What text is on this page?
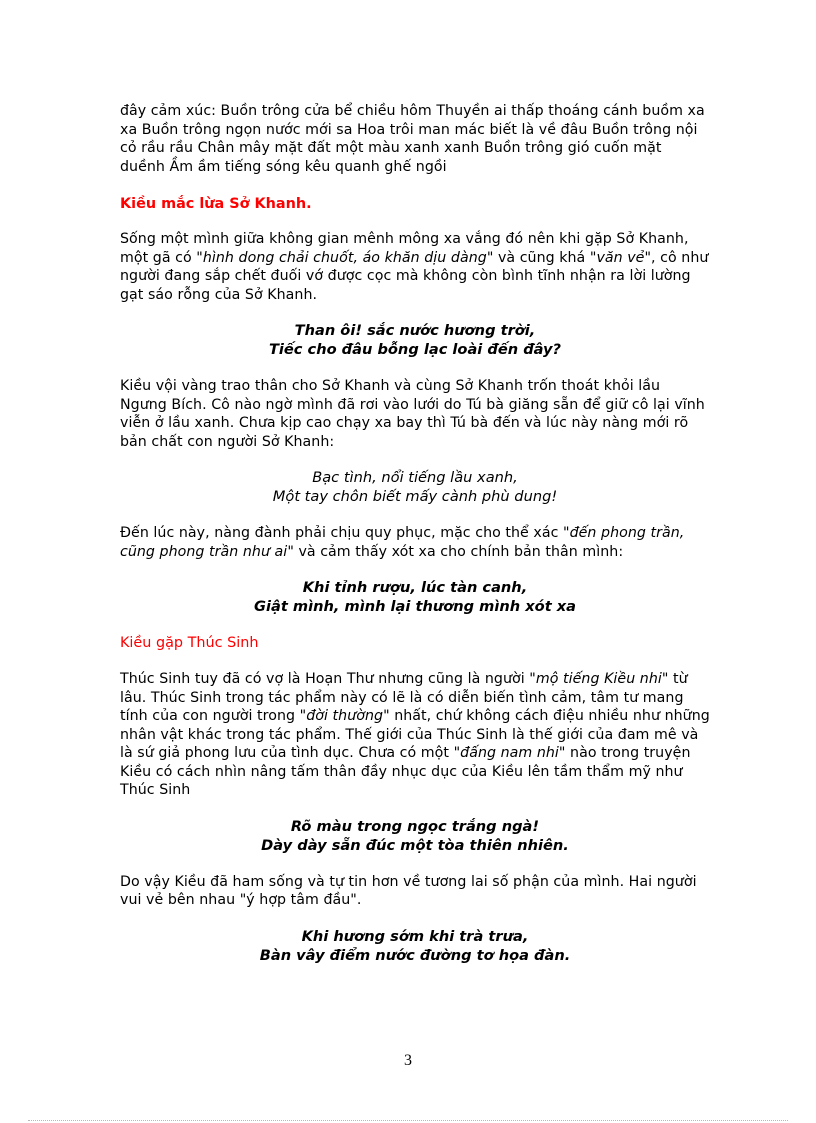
đây cảm xúc: Buồn trông cửa bể chiều hôm Thuyền ai thấp thoáng cánh buồm xa xa Buồn trông ngọn nước mới sa Hoa trôi man mác biết là về đâu Buồn trông nội cỏ rầu rầu Chân mây mặt đất một màu xanh xanh Buồn trông gió cuốn mặt duềnh Ầm ầm tiếng sóng kêu quanh ghế ngồi

Kiều mắc lừa Sở Khanh.

Sống một mình giữa không gian mênh mông xa vắng đó nên khi gặp Sở Khanh, một gã có "hình dong chải chuốt, áo khăn dịu dàng" và cũng khá "văn vẻ", cô như người đang sắp chết đuối vớ được cọc mà không còn bình tĩnh nhận ra lời lường gạt sáo rỗng của Sở Khanh.

Than ôi! sắc nước hương trời,
Tiếc cho đâu bỗng lạc loài đến đây?

Kiều vội vàng trao thân cho Sở Khanh và cùng Sở Khanh trốn thoát khỏi lầu Ngưng Bích. Cô nào ngờ mình đã rơi vào lưới do Tú bà giăng sẵn để giữ cô lại vĩnh viễn ở lầu xanh. Chưa kịp cao chạy xa bay thì Tú bà đến và lúc này nàng mới rõ bản chất con người Sở Khanh:

Bạc tình, nổi tiếng lầu xanh,
Một tay chôn biết mấy cành phù dung!

Đến lúc này, nàng đành phải chịu quy phục, mặc cho thể xác "đến phong trần, cũng phong trần như ai" và cảm thấy xót xa cho chính bản thân mình:

Khi tỉnh rượu, lúc tàn canh,
Giật mình, mình lại thương mình xót xa

Kiều gặp Thúc Sinh

Thúc Sinh tuy đã có vợ là Hoạn Thư nhưng cũng là người "mộ tiếng Kiều nhi" từ lâu. Thúc Sinh trong tác phẩm này có lẽ là có diễn biến tình cảm, tâm tư mang tính của con người trong "đời thường" nhất, chứ không cách điệu nhiều như những nhân vật khác trong tác phẩm. Thế giới của Thúc Sinh là thế giới của đam mê và là sứ giả phong lưu của tình dục. Chưa có một "đấng nam nhi" nào trong truyện Kiều có cách nhìn nâng tấm thân đầy nhục dục của Kiều lên tầm thẩm mỹ như Thúc Sinh

Rõ màu trong ngọc trắng ngà!
Dày dày sẵn đúc một tòa thiên nhiên.

Do vậy Kiều đã ham sống và tự tin hơn về tương lai số phận của mình. Hai người vui vẻ bên nhau "ý hợp tâm đầu".

Khi hương sớm khi trà trưa,
Bàn vây điểm nước đường tơ họa đàn.

3
